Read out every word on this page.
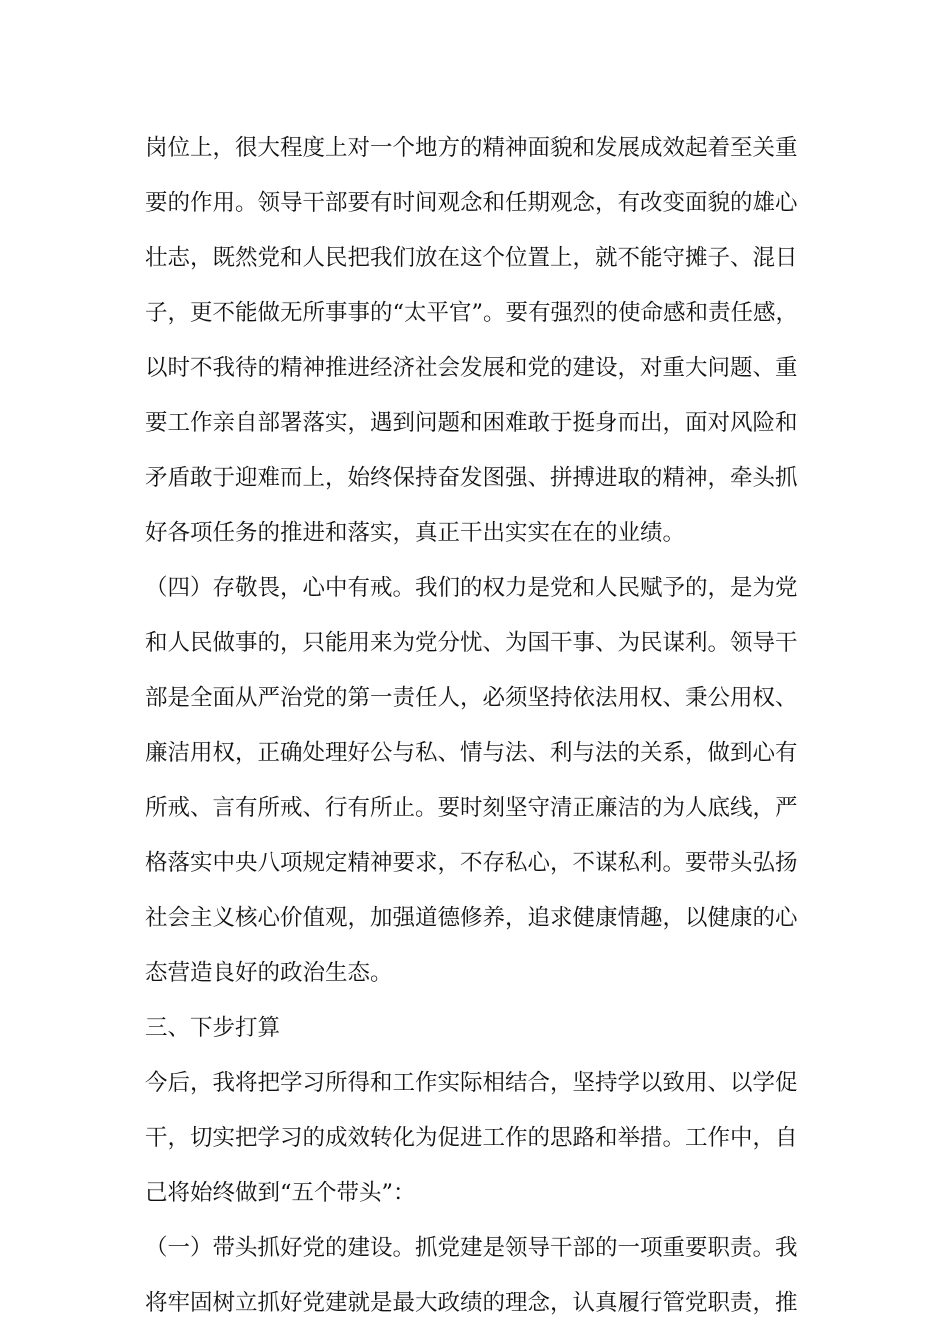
岗位上，很大程度上对一个地方的精神面貌和发展成效起着至关重
要的作用。领导干部要有时间观念和任期观念，有改变面貌的雄心
壮志，既然党和人民把我们放在这个位置上，就不能守摊子、混日
子，更不能做无所事事的“太平官”。要有强烈的使命感和责任感，
以时不我待的精神推进经济社会发展和党的建设，对重大问题、重
要工作亲自部署落实，遇到问题和困难敢于挺身而出，面对风险和
矛盾敢于迎难而上，始终保持奋发图强、拼搏进取的精神，牵头抓
好各项任务的推进和落实，真正干出实实在在的业绩。
（四）存敬畏，心中有戒。我们的权力是党和人民赋予的，是为党
和人民做事的，只能用来为党分忧、为国干事、为民谋利。领导干
部是全面从严治党的第一责任人，必须坚持依法用权、秉公用权、
廉洁用权，正确处理好公与私、情与法、利与法的关系，做到心有
所戒、言有所戒、行有所止。要时刻坚守清正廉洁的为人底线，严
格落实中央八项规定精神要求，不存私心，不谋私利。要带头弘扬
社会主义核心价值观，加强道德修养，追求健康情趣，以健康的心
态营造良好的政治生态。
三、下步打算
今后，我将把学习所得和工作实际相结合，坚持学以致用、以学促
干，切实把学习的成效转化为促进工作的思路和举措。工作中，自
己将始终做到“五个带头”：
（一）带头抓好党的建设。抓党建是领导干部的一项重要职责。我
将牢固树立抓好党建就是最大政绩的理念，认真履行管党职责，推
